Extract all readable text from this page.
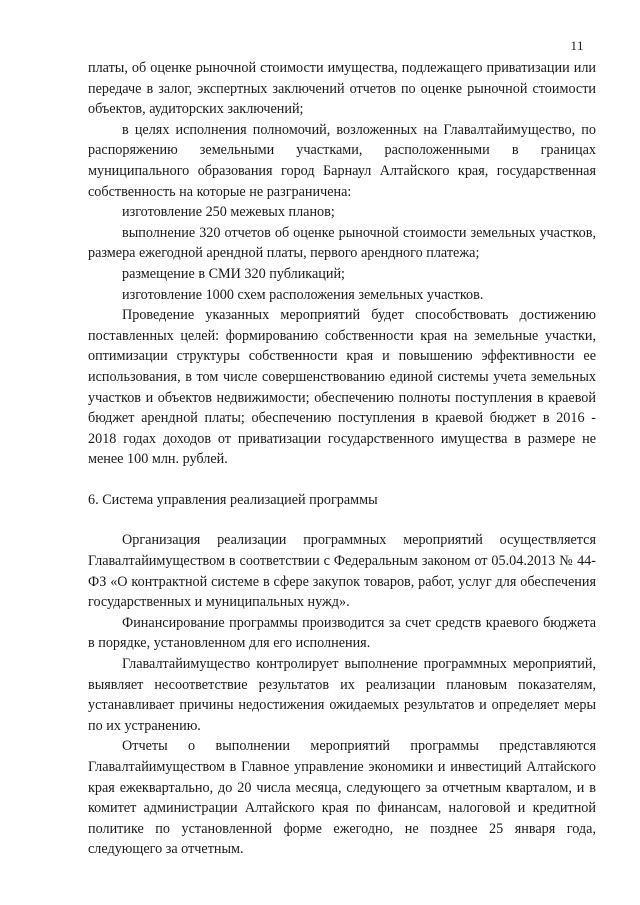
11

платы, об оценке рыночной стоимости имущества, подлежащего приватизации или передаче в залог, экспертных заключений отчетов по оценке рыночной стоимости объектов, аудиторских заключений;

в целях исполнения полномочий, возложенных на Главалтайимущество, по распоряжению земельными участками, расположенными в границах муниципального образования город Барнаул Алтайского края, государственная собственность на которые не разграничена:

изготовление 250 межевых планов;

выполнение 320 отчетов об оценке рыночной стоимости земельных участков, размера ежегодной арендной платы, первого арендного платежа;

размещение в СМИ 320 публикаций;

изготовление 1000 схем расположения земельных участков.

Проведение указанных мероприятий будет способствовать достижению поставленных целей: формированию собственности края на земельные участки, оптимизации структуры собственности края и повышению эффективности ее использования, в том числе совершенствованию единой системы учета земельных участков и объектов недвижимости; обеспечению полноты поступления в краевой бюджет арендной платы; обеспечению поступления в краевой бюджет в 2016 - 2018 годах доходов от приватизации государственного имущества в размере не менее 100 млн. рублей.

6. Система управления реализацией программы

Организация реализации программных мероприятий осуществляется Главалтайимуществом в соответствии с Федеральным законом от 05.04.2013 № 44-ФЗ «О контрактной системе в сфере закупок товаров, работ, услуг для обеспечения государственных и муниципальных нужд».

Финансирование программы производится за счет средств краевого бюджета в порядке, установленном для его исполнения.

Главалтайимущество контролирует выполнение программных мероприятий, выявляет несоответствие результатов их реализации плановым показателям, устанавливает причины недостижения ожидаемых результатов и определяет меры по их устранению.

Отчеты о выполнении мероприятий программы представляются Главалтайимуществом в Главное управление экономики и инвестиций Алтайского края ежеквартально, до 20 числа месяца, следующего за отчетным кварталом, и в комитет администрации Алтайского края по финансам, налоговой и кредитной политике по установленной форме ежегодно, не позднее 25 января года, следующего за отчетным.
